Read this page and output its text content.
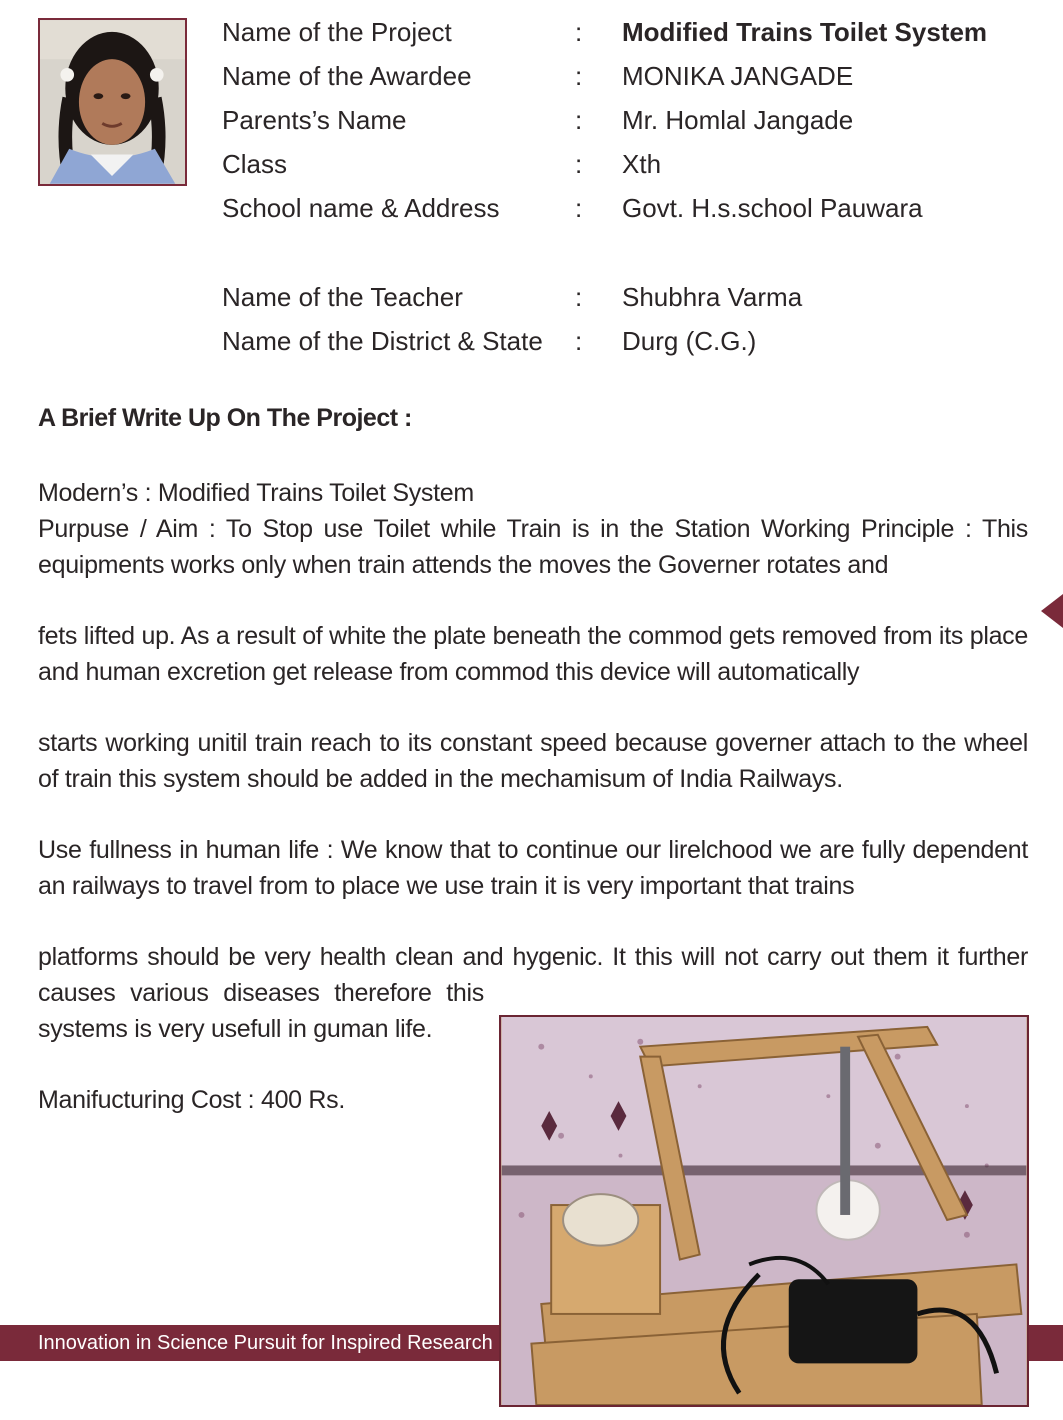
Name of the Project	: Modified Trains Toilet System
Name of the Awardee	: MONIKA JANGADE
Parents’s Name	: Mr. Homlal Jangade
Class	: Xth
School name & Address	: Govt. H.s.school Pauwara
Name of the Teacher	: Shubhra Varma
Name of the District & State : Durg (C.G.)
A Brief Write Up On The Project :
Modern’s : Modified Trains Toilet System
Purpuse / Aim : To Stop use Toilet while Train is in the Station Working Principle : This
equipments works only when train attends the moves the Governer rotates and
fets lifted up. As a result of white the plate beneath the commod gets removed from its place
and human excretion get release from commod this device will automatically
starts working unitil train reach to its constant speed because governer attach to the wheel
of train this system should be added in the mechamisum of India Railways.
Use fullness in human life : We know that to continue our lirelchood we are fully dependent
an railways to travel from to place we use train it is very important that trains
platforms should be very health clean and hygenic. It this will not carry out them it further
causes various diseases therefore this
systems is very usefull in guman life.
Manifucturing Cost : 400 Rs.
Innovation in Science Pursuit for Inspired Research
